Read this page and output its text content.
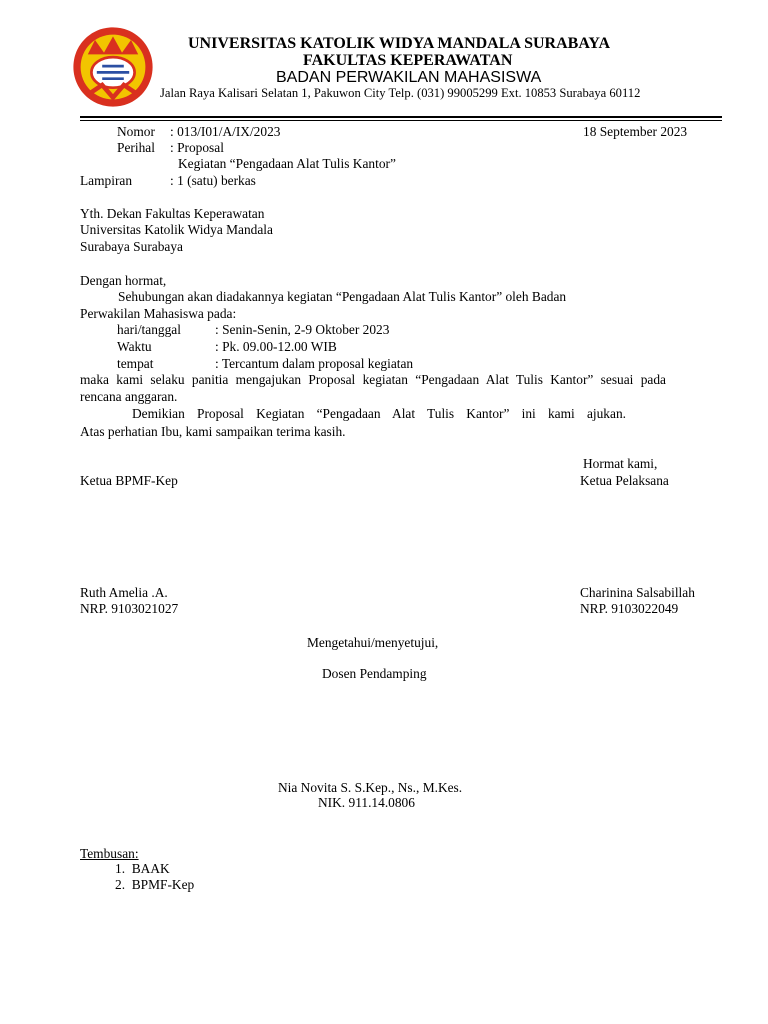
UNIVERSITAS KATOLIK WIDYA MANDALA SURABAYA
FAKULTAS KEPERAWATAN
BADAN PERWAKILAN MAHASISWA
Jalan Raya Kalisari Selatan 1, Pakuwon City Telp. (031) 99005299 Ext. 10853 Surabaya 60112
Nomor : 013/I01/A/IX/2023	18 September 2023
Perihal : Proposal
Kegiatan “Pengadaan Alat Tulis Kantor”
Lampiran	: 1 (satu) berkas
Yth. Dekan Fakultas Keperawatan
Universitas Katolik Widya Mandala
Surabaya Surabaya
Dengan hormat,
Sehubungan akan diadakannya kegiatan “Pengadaan Alat Tulis Kantor” oleh Badan
Perwakilan Mahasiswa pada:
hari/tanggal	: Senin-Senin, 2-9 Oktober 2023
Waktu	: Pk. 09.00-12.00 WIB
tempat	: Tercantum dalam proposal kegiatan
maka kami selaku panitia mengajukan Proposal kegiatan “Pengadaan Alat Tulis Kantor” sesuai pada
rencana anggaran.
Demikian Proposal Kegiatan “Pengadaan Alat Tulis Kantor” ini kami ajukan.
Atas perhatian Ibu, kami sampaikan terima kasih.
Hormat kami,
Ketua BPMF-Kep	Ketua Pelaksana
Ruth Amelia .A.
NRP. 9103021027
Charinina Salsabillah
NRP. 9103022049
Mengetahui/menyetujui,
Dosen Pendamping
Nia Novita S. S.Kep., Ns., M.Kes.
NIK. 911.14.0806
Tembusan:
1.  BAAK
2.  BPMF-Kep
